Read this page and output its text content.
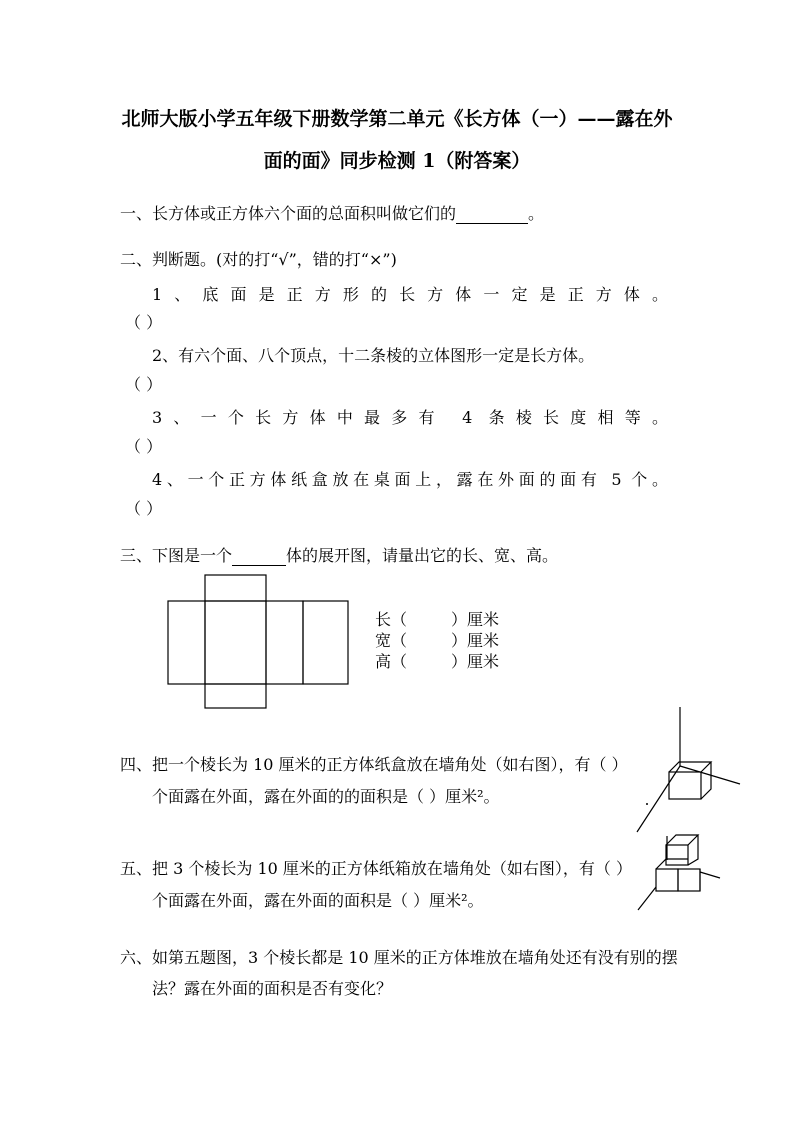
北师大版小学五年级下册数学第二单元《长方体（一）——露在外
面的面》同步检测 1（附答案）
一、长方体或正方体六个面的总面积叫做它们的	。
二、判断题。(对的打“√”，错的打“×”)
1、底面是正方形的长方体一定是正方体。
（ ）
2、有六个面、八个顶点，十二条棱的立体图形一定是长方体。
（ ）
3、一个长方体中最多有 4 条棱长度相等。
（ ）
4、一个正方体纸盒放在桌面上，露在外面的面有 5 个。
（ ）
三、下图是一个	体的展开图，请量出它的长、宽、高。
长（	）厘米
宽（	）厘米
高（	）厘米
四、把一个棱长为 10 厘米的正方体纸盒放在墙角处（如右图），有（ ）
个面露在外面，露在外面的的面积是（ ）厘米²。
五、把 3 个棱长为 10 厘米的正方体纸箱放在墙角处（如右图），有（ ）
个面露在外面，露在外面的面积是（ ）厘米²。
六、如第五题图，3 个棱长都是 10 厘米的正方体堆放在墙角处还有没有别的摆
法？露在外面的面积是否有变化？
